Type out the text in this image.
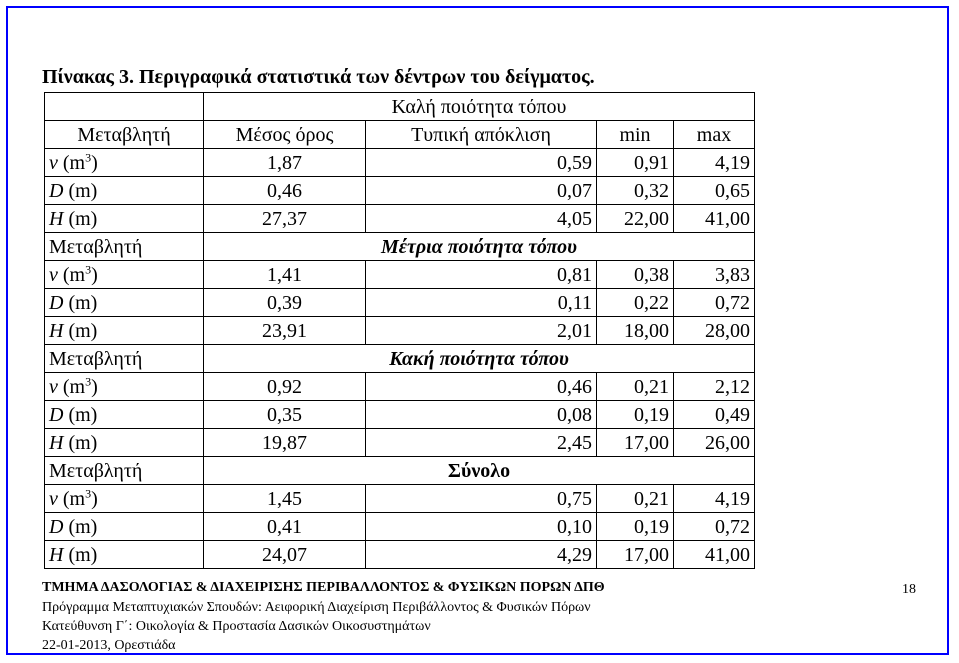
Πίνακας 3. Περιγραφικά στατιστικά των δέντρων του δείγματος.
	Καλή ποιότητα τόπου			
Μεταβλητή	Μέσος όρος	Τυπική απόκλιση	min	max
v $(m^3)$	1,87	0,59	0,91	4,19
D (m)	0,46	0,07	0,32	0,65
H (m)	27,37	4,05	22,00	41,00
Μεταβλητή	Μέτρια ποιότητα τόπου			
v $(m^3)$	1,41	0,81	0,38	3,83
D (m)	0,39	0,11	0,22	0,72
H (m)	23,91	2,01	18,00	28,00
Μεταβλητή	Κακή ποιότητα τόπου			
v $(m^3)$	0,92	0,46	0,21	2,12
D (m)	0,35	0,08	0,19	0,49
H (m)	19,87	2,45	17,00	26,00
Μεταβλητή	Σύνολο			
v $(m^3)$	1,45	0,75	0,21	4,19
D (m)	0,41	0,10	0,19	0,72
H (m)	24,07	4,29	17,00	41,00
ΤΜΗΜΑ ΔΑΣΟΛΟΓΙΑΣ & ΔΙΑΧΕΙΡΙΣΗΣ ΠΕΡΙΒΑΛΛΟΝΤΟΣ & ΦΥΣΙΚΩΝ ΠΟΡΩΝ ΔΠΘ
Πρόγραμμα Μεταπτυχιακών Σπουδών: Αειφορική Διαχείριση Περιβάλλοντος & Φυσικών Πόρων
Κατεύθυνση Γ΄: Οικολογία & Προστασία Δασικών Οικοσυστημάτων
22-01-2013, Ορεστιάδα
18
